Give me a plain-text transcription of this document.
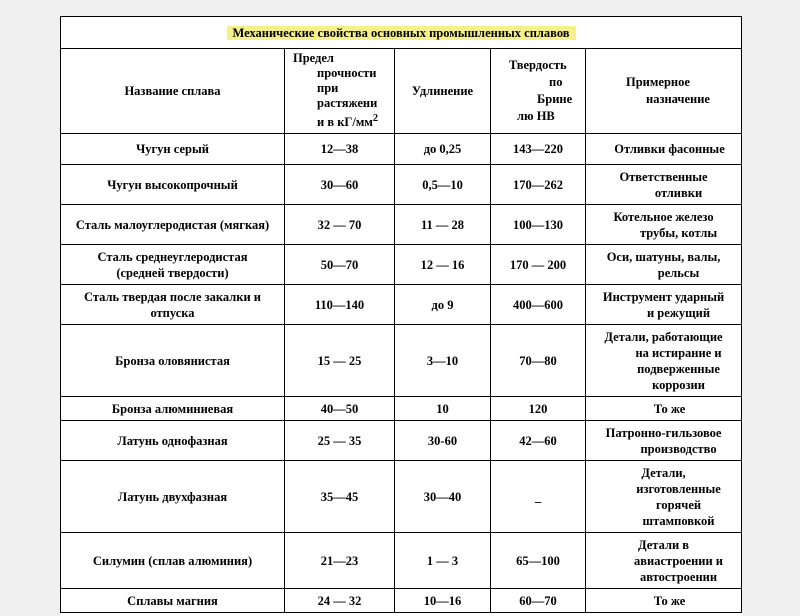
Механические свойства основных промышленных сплавов				
Название сплава	Предел
прочности
при
растяжени
и в $кГ/мм^2$	Удлинение	Твердость
по
Брине
лю НВ	Примерное
назначение

Чугун серый	12—38	до 0,25	143—220	Отливки фасонные

Чугун высокопрочный	30—60	0,5—10	170—262	Ответственные
отливки

Сталь малоуглеродистая (мягкая)	32 — 70	11 — 28	100—130	Котельное железо
трубы, котлы

Сталь среднеуглеродистая
(средней твердости)	50—70	12 — 16	170 — 200	Оси, шатуны, валы,
рельсы

Сталь твердая после закалки и
отпуска	110—140	до 9	400—600	Инструмент ударный
и режущий

Бронза оловянистая	15 — 25	3—10	70—80	Детали, работающие
на истирание и
подверженные
коррозии

Бронза алюминиевая	40—50	10	120	То же

Латунь однофазная	25 — 35	30-60	42—60	Патронно-гильзовое
производство

Латунь двухфазная	35—45	30—40	_	Детали,
изготовленные
горячей
штамповкой

Силумин (сплав алюминия)	21—23	1 — 3	65—100	Детали в
авиастроении и
автостроении

Сплавы магния	24 — 32	10—16	60—70	То же
